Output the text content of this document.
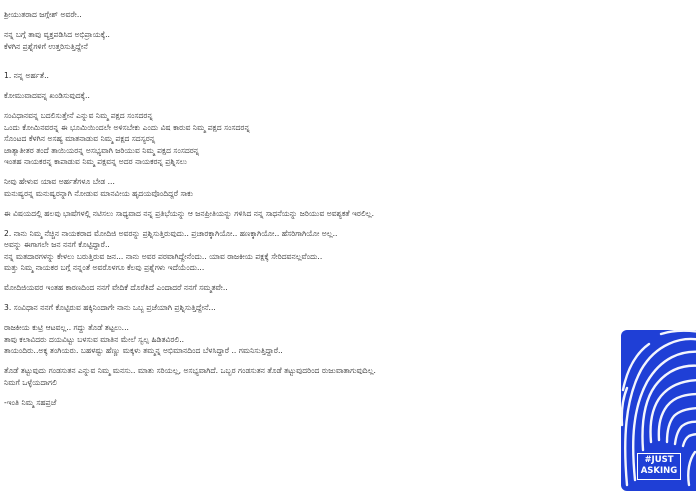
ಶ್ರೀಯುತರಾದ ಜಗ್ಗೇಶ್ ಅವರೇ..
ನನ್ನ ಬಗ್ಗೆ ತಾವು ವ್ಯಕ್ತಪಡಿಸಿದ ಅಭಿಪ್ರಾಯಕ್ಕೆ..
ಕೆಳಗಿನ ಪ್ರಶ್ನೆಗಳಿಗೆ ಉತ್ತರಿಸುತ್ತಿದ್ದೇನೆ
1. ನನ್ನ ಅರ್ಹತೆ..
ಕೋಮುವಾದವನ್ನ ಖಂಡಿಸುವುದಕ್ಕೆ..
ಸಂವಿಧಾನವನ್ನ ಬದಲಿಸುತ್ತೇನೆ ಎನ್ನುವ ನಿಮ್ಮ ಪಕ್ಷದ ಸಂಸದರನ್ನ
ಒಂದು ಕೋಮಿನವರನ್ನ ಈ ಭೂಮಿಯಿಂದಲೇ ಅಳಿಸಬೇಕು ಎಂದು ವಿಷ ಕಾರುವ ನಿಮ್ಮ ಪಕ್ಷದ ಸಂಸದರನ್ನ
ಸೊಂಟದ ಕೆಳಗಿನ ಅಸಹ್ಯ ಮಾತನಾಡುವ ನಿಮ್ಮ ಪಕ್ಷದ ಸದಸ್ಯರನ್ನ
ಜಾತ್ಯಾತೀತರ ತಂದೆ ತಾಯಿಯರನ್ನ ಅಸಭ್ಯವಾಗಿ ಜರಿಯುವ ನಿಮ್ಮ ಪಕ್ಷದ ಸಂಸದರನ್ನ
ಇಂತಹ ನಾಯಕರನ್ನ ಕಾಪಾಡುವ ನಿಮ್ಮ ಪಕ್ಷವನ್ನ ಅದರ ನಾಯಕರನ್ನ ಪ್ರಶ್ನಿಸಲು
ನೀವು ಹೇಳುವ ಯಾವ ಅರ್ಹತೆಗಳೂ ಬೇಡ ...
ಮನುಷ್ಯರನ್ನ ಮನುಷ್ಯರನ್ನಾಗಿ ನೋಡುವ ಮಾನವೀಯ ಹೃದಯವೊಂದಿದ್ದರೆ ಸಾಕು
ಈ ವಿಷಯದಲ್ಲಿ ಹಲವು ಭಾಷೆಗಳಲ್ಲಿ ನಟಿಸಲು ಸಾಧ್ಯವಾದ ನನ್ನ ಪ್ರತಿಭೆಯನ್ನು ಆ ಜನಪ್ರೀತಿಯನ್ನು ಗಳಿಸಿದ ನನ್ನ ಸಾಧನೆಯನ್ನು ಜರಿಯುವ ಅವಶ್ಯಕತೆ ಇರಲಿಲ್ಲ.
2. ನಾನು ನಿಮ್ಮ ನೆಚ್ಚಿನ ನಾಯಕರಾದ ಮೋದಿಜಿ ಅವರನ್ನು ಪ್ರಶ್ನಿಸುತ್ತಿರುವುದು.. ಪ್ರಚಾರಕ್ಕಾಗಿಯೋ.. ಹಣಕ್ಕಾಗಿಯೋ.. ಹೆಸರಿಗಾಗಿಯೋ ಅಲ್ಲ..
ಅವನ್ನು ಈಗಾಗಲೇ ಜನ ನನಗೆ ಕೊಟ್ಟಿದ್ದಾರೆ..
ನನ್ನ ಮತದಾರಗಳನ್ನು ಕೇಳಲು ಬರುತ್ತಿರುವ ಜನ... ನಾನು ಅವರ ಪರವಾಗಿದ್ದೇನೆಂದು.. ಯಾವ ರಾಜಕೀಯ ಪಕ್ಷಕ್ಕೆ ಸೇರಿದವನಲ್ಲವೆಂದು..
ಮತ್ತು ನಿಮ್ಮ ನಾಯಕರ ಬಗ್ಗೆ ನನ್ನಂತೆ ಅವರೊಳಗೂ ಕೆಲವು ಪ್ರಶ್ನೆಗಳು ಇದೆಯೆಂದು...
ಮೋದಿಜಿಯವರ ಇಂತಹ ಕಾರಣದಿಂದ ನನಗೆ ವೇದಿಕೆ ದೊರೆತಿದೆ ಎಂದಾದರೆ ನನಗೆ ಸಮ್ಮತವೇ..
3. ಸಂವಿಧಾನ ನನಗೆ ಕೊಟ್ಟಿರುವ ಹಕ್ಕಿನಿಂದಾಗೇ ನಾನು ಒಬ್ಬ ಪ್ರಜೆಯಾಗಿ ಪ್ರಶ್ನಿಸುತ್ತಿದ್ದೇನೆ...
ರಾಜಕೀಯ ಕುಟ್ರಿ ಆಟವಲ್ಲ.. ಗದ್ದು ತೊಡೆ ತಟ್ಟಲು...
ತಾವು ಕಲಾವಿದರು ದಯವಿಟ್ಟು ಬಳಸುವ ಮಾತಿನ ಮೇಲೆ ಸ್ವಲ್ಪ ಹಿಡಿತವಿರಲಿ..
ತಾಯಂದಿರು..ಅಕ್ಕ ತಂಗಿಯರು. ಬಹಳಷ್ಟು ಹೆಣ್ಣು ಮಕ್ಕಳು ತಮ್ಮನ್ನ ಅಭಿಮಾನದಿಂದ ಬೆಳಸಿದ್ದಾರೆ .. ಗಮನಿಸುತ್ತಿದ್ದಾರೆ..
ತೊಡೆ ತಟ್ಟುವುದು ಗಂಡಸುತನ ಎನ್ನುವ ನಿಮ್ಮ ಮನಸು.. ಮಾತು ಸರಿಯಲ್ಲ, ಅಸಭ್ಯವಾಗಿದೆ. ಒಬ್ಬರ ಗಂಡಸುತನ ತೊಡೆ ತಟ್ಟುವುದರಿಂದ ರುಜುವಾತಾಗುವುದಿಲ್ಲ.
ನಿಮಗೆ ಒಳ್ಳೆಯದಾಗಲಿ
-ಇಂತಿ ನಿಮ್ಮ ಸಹಪ್ರಜೆ
#JUST
ASKING
